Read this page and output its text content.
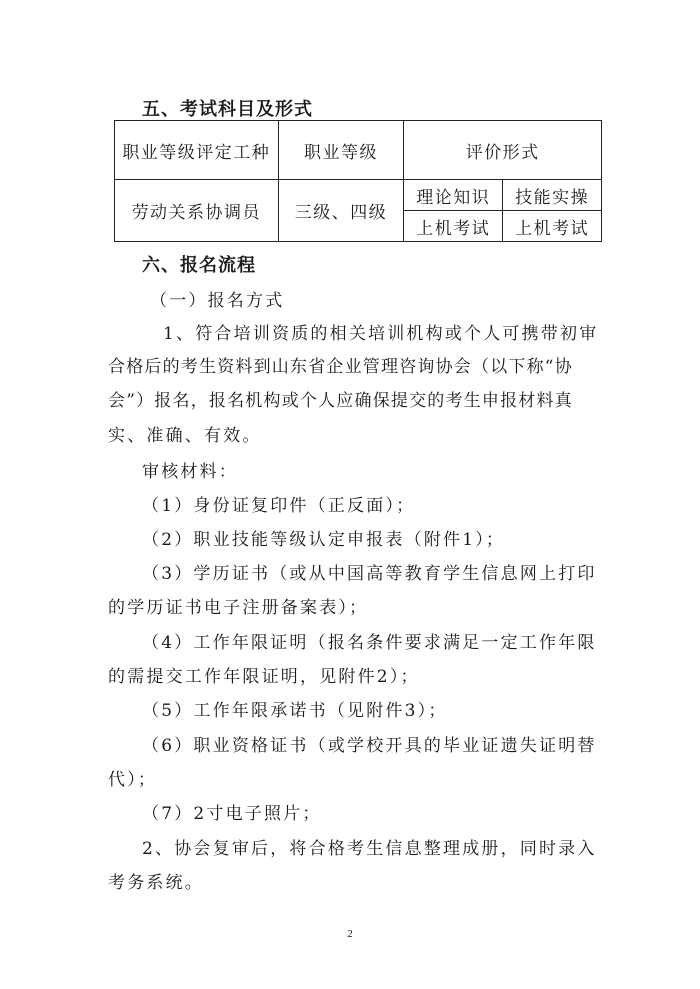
五、考试科目及形式
职业等级评定工种	职业等级	评价形式	
劳动关系协调员	三级、四级	理论知识	技能实操
		上机考试	上机考试
六、报名流程
（一）报名方式
1、符合培训资质的相关培训机构或个人可携带初审
合格后的考生资料到山东省企业管理咨询协会（以下称“协
会”）报名，报名机构或个人应确保提交的考生申报材料真
实、准确、有效。
审核材料：
（1）身份证复印件（正反面）；
（2）职业技能等级认定申报表（附件1）；
（3）学历证书（或从中国高等教育学生信息网上打印
的学历证书电子注册备案表）；
（4）工作年限证明（报名条件要求满足一定工作年限
的需提交工作年限证明，见附件2）；
（5）工作年限承诺书（见附件3）；
（6）职业资格证书（或学校开具的毕业证遗失证明替
代）；
（7）2寸电子照片；
2、协会复审后，将合格考生信息整理成册，同时录入
考务系统。
2
